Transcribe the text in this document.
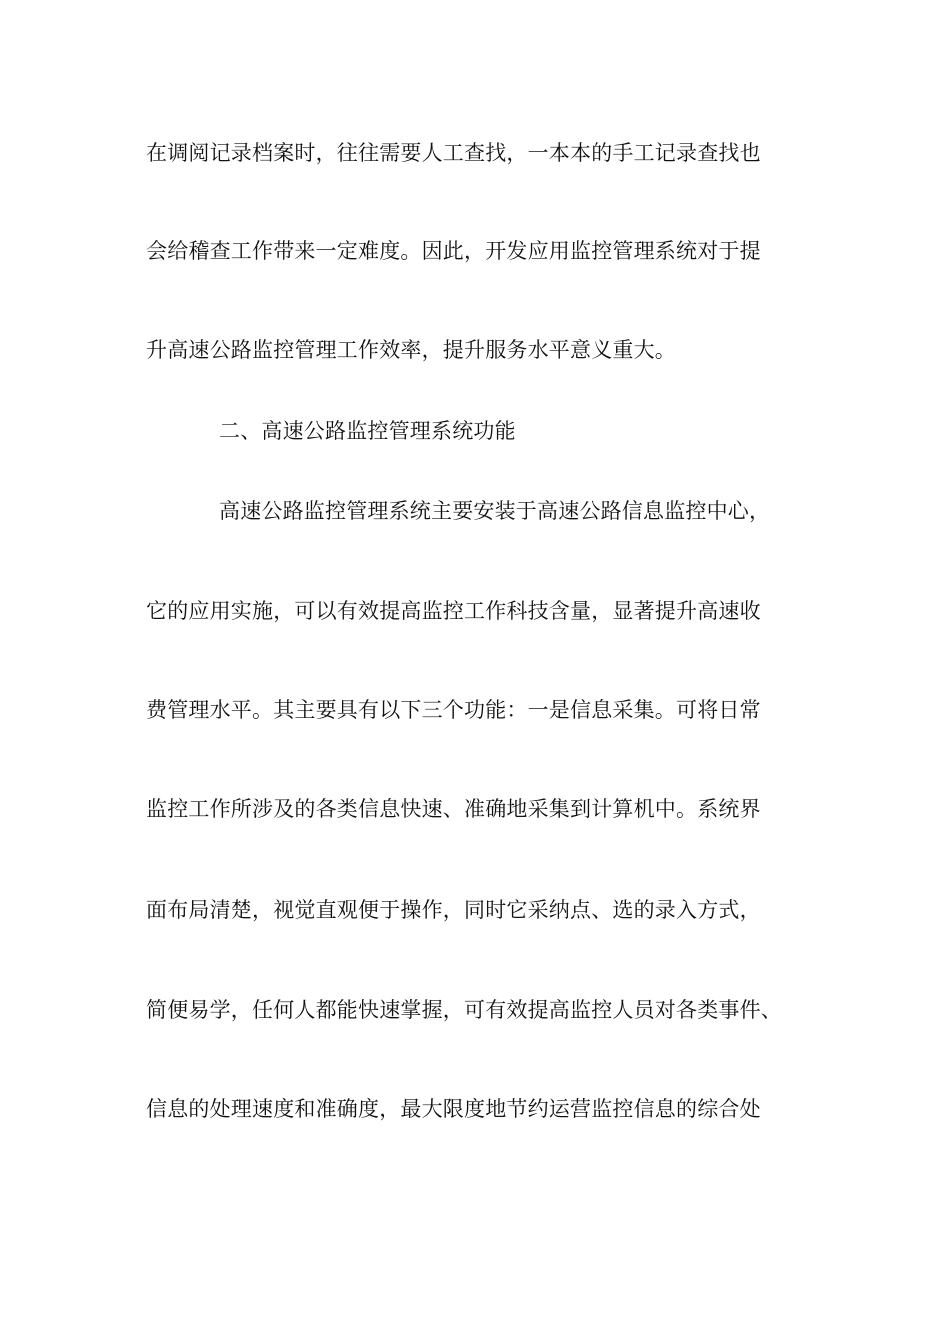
在调阅记录档案时，往往需要人工查找，一本本的手工记录查找也
会给稽查工作带来一定难度。因此，开发应用监控管理系统对于提
升高速公路监控管理工作效率，提升服务水平意义重大。
二、高速公路监控管理系统功能
高速公路监控管理系统主要安装于高速公路信息监控中心，
它的应用实施，可以有效提高监控工作科技含量，显著提升高速收
费管理水平。其主要具有以下三个功能：一是信息采集。可将日常
监控工作所涉及的各类信息快速、准确地采集到计算机中。系统界
面布局清楚，视觉直观便于操作，同时它采纳点、选的录入方式，
简便易学，任何人都能快速掌握，可有效提高监控人员对各类事件、
信息的处理速度和准确度，最大限度地节约运营监控信息的综合处
